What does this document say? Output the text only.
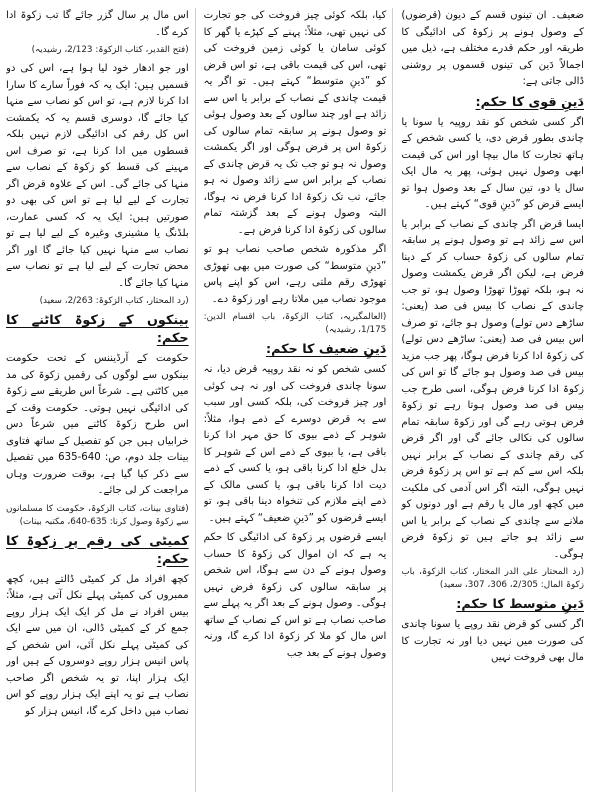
ضعیف۔ ان تینوں قسم کے دیون (قرضوں) کے وصول ہونے پر زکوۃ کی ادائیگی کا طریقہ اور حکم قدرے مختلف ہے، ذیل میں اجمالاً دَین کی تینوں قسموں پر روشنی ڈالی جاتی ہے:

دَینِ قوی کا حکم:

اگر کسی شخص کو نقد روپیہ یا سونا یا چاندی بطور قرض دی، یا کسی شخص کے ہاتھ تجارت کا مال بیچا اور اس کی قیمت ابھی وصول نہیں ہوئی، پھر یہ مال ایک سال یا دو، تین سال کے بعد وصول ہوا تو ایسے قرض کو ”دَینِ قوی“ کہتے ہیں۔

ایسا قرض اگر چاندی کے نصاب کے برابر یا اس سے زائد ہے تو وصول ہونے پر سابقہ تمام سالوں کی زکوۃ حساب کر کے دینا فرض ہے، لیکن اگر قرض یکمشت وصول نہ ہو، بلکہ تھوڑا تھوڑا وصول ہو، تو جب چاندی کے نصاب کا بیس فی صد (یعنی: ساڑھے دس تولے) وصول ہو جائے، تو صرف اس بیس فی صد (یعنی: ساڑھے دس تولے) کی زکوۃ ادا کرنا فرض ہوگا، پھر جب مزید بیس فی صد وصول ہو جائے گا تو اس کی زکوۃ ادا کرنا فرض ہوگی، اسی طرح جب بیس فی صد وصول ہوتا رہے تو زکوۃ فرض ہوتی رہے گی اور زکوۃ سابقہ تمام سالوں کی نکالی جائے گی اور اگر قرض کی رقم چاندی کے نصاب کے برابر نہیں بلکہ اس سے کم ہے تو اس پر زکوۃ فرض نہیں ہوگی، البتہ اگر اس آدمی کی ملکیت میں کچھ اور مال یا رقم ہے اور دونوں کو ملانے سے چاندی کے نصاب کے برابر یا اس سے زائد ہو جاتے ہیں تو زکوۃ فرض ہوگی۔

(رد المحتار علی الدر المختار، کتاب الزکوۃ، باب زکوۃ المال: 2/305، 306، 307، سعید)

دَینِ متوسط کا حکم:

اگر کسی کو قرض نقد روپے یا سونا چاندی کی صورت میں نہیں دیا اور نہ تجارت کا مال بھی فروخت نہیں

کیا، بلکہ کوئی چیز فروخت کی جو تجارت کی نہیں تھی، مثلاً: پہنے کے کپڑے یا گھر کا کوئی سامان یا کوئی زمین فروخت کی تھی، اس کی قیمت باقی ہے، تو اس قرض کو ”دَینِ متوسط“ کہتے ہیں۔ تو اگر یہ قیمت چاندی کے نصاب کے برابر یا اس سے زائد ہے اور چند سالوں کے بعد وصول ہوئی تو وصول ہونے پر سابقہ تمام سالوں کی زکوۃ اس پر فرض ہوگی اور اگر یکمشت وصول نہ ہو تو جب تک یہ قرض چاندی کے نصاب کے برابر اس سے زائد وصول نہ ہو جائے، تب تک زکوۃ ادا کرنا فرض نہ ہوگا، البتہ وصول ہونے کے بعد گزشتہ تمام سالوں کی زکوۃ ادا کرنا فرض ہے۔

اگر مذکورہ شخص صاحب نصاب ہو تو ”دَینِ متوسط“ کی صورت میں بھی تھوڑی تھوڑی رقم ملتی رہے، اس کو اپنے پاس موجود نصاب میں ملاتا رہے اور زکوۃ دے۔

(العالمگیریہ، کتاب الزکوۃ، باب اقسام الدین: 1/175، رشیدیہ)

دَینِ ضعیف کا حکم:

کسی شخص کو نہ نقد روپیہ قرض دیا، نہ سونا چاندی فروخت کی اور نہ ہی کوئی اور چیز فروخت کی، بلکہ کسی اور سبب سے یہ قرض دوسرے کے ذمے ہوا، مثلاً: شوہر کے ذمے بیوی کا حق مہر ادا کرنا باقی ہے، یا بیوی کے ذمے اس کے شوہر کا بدل خلع ادا کرنا باقی ہو، یا کسی کے ذمے دیت ادا کرنا باقی ہو، یا کسی مالک کے ذمے اپنے ملازم کی تنخواہ دینا باقی ہو، تو ایسے قرضوں کو ”دَینِ ضعیف“ کہتے ہیں۔

ایسے قرضوں پر زکوۃ کی ادائیگی کا حکم یہ ہے کہ ان اموال کی زکوۃ کا حساب وصول ہونے کے دن سے ہوگا، اس شخص پر سابقہ سالوں کی زکوۃ فرض نہیں ہوگی۔ وصول ہونے کے بعد اگر یہ پہلے سے صاحب نصاب ہے تو اس کے نصاب کے ساتھ اس مال کو ملا کر زکوۃ ادا کرے گا، ورنہ وصول ہونے کے بعد جب

اس مال پر سال گزر جائے گا تب زکوۃ ادا کرے گا۔

(فتح القدیر، کتاب الزکوۃ: 2/123، رشیدیہ)

اور جو ادھار خود لیا ہوا ہے، اس کی دو قسمیں ہیں: ایک یہ کہ فوراً سارے کا سارا ادا کرنا لازم ہے، تو اس کو نصاب سے منہا کیا جائے گا، دوسری قسم یہ کہ یکمشت اس کل رقم کی ادائیگی لازم نہیں بلکہ قسطوں میں ادا کرنا ہے، تو صرف اس مہینے کی قسط کو زکوۃ کے نصاب سے منہا کی جائے گی۔ اس کے علاوہ قرض اگر تجارت کے لیے لیا ہے تو اس کی بھی دو صورتیں ہیں: ایک یہ کہ کسی عمارت، بلڈنگ یا مشینری وغیرہ کے لیے لیا ہے تو نصاب سے منہا نہیں کیا جائے گا اور اگر محض تجارت کے لیے لیا ہے تو نصاب سے منہا کیا جائے گا۔

(رد المحتار، کتاب الزکوۃ: 2/263، سعید)

بینکوں کے زکوۃ کاٹنے کا حکم:

حکومت کے آرڈیننس کے تحت حکومت بینکوں سے لوگوں کی رقمیں زکوۃ کی مد میں کاٹتی ہے۔ شرعاً اس طریقے سے زکوۃ کی ادائیگی نہیں ہوتی۔ حکومت وقت کے اس طرح زکوۃ کاٹنے میں شرعاً دس خرابیاں ہیں جن کو تفصیل کے ساتھ فتاوی بینات جلد دوم، ص: 640-635 میں تفصیل سے ذکر کیا گیا ہے، بوقت ضرورت وہاں مراجعت کر لی جائے۔

(فتاوی بینات، کتاب الزکوۃ، حکومت کا مسلمانوں سے زکوۃ وصول کرنا: 635-640، مکتبہ بینات)

کمیٹی کی رقم پر زکوۃ کا حکم:

کچھ افراد مل کر کمیٹی ڈالتے ہیں، کچھ ممبروں کی کمیٹی پہلے نکل آتی ہے، مثلاً: بیس افراد نے مل کر ایک ایک ہزار روپے جمع کر کے کمیٹی ڈالی، ان میں سے ایک کی کمیٹی پہلے نکل آئی، اس شخص کے پاس انیس ہزار روپے دوسروں کے ہیں اور ایک ہزار اپنا، تو یہ شخص اگر صاحب نصاب ہے تو یہ اپنے ایک ہزار روپے کو اس نصاب میں داخل کرے گا، انیس ہزار کو
